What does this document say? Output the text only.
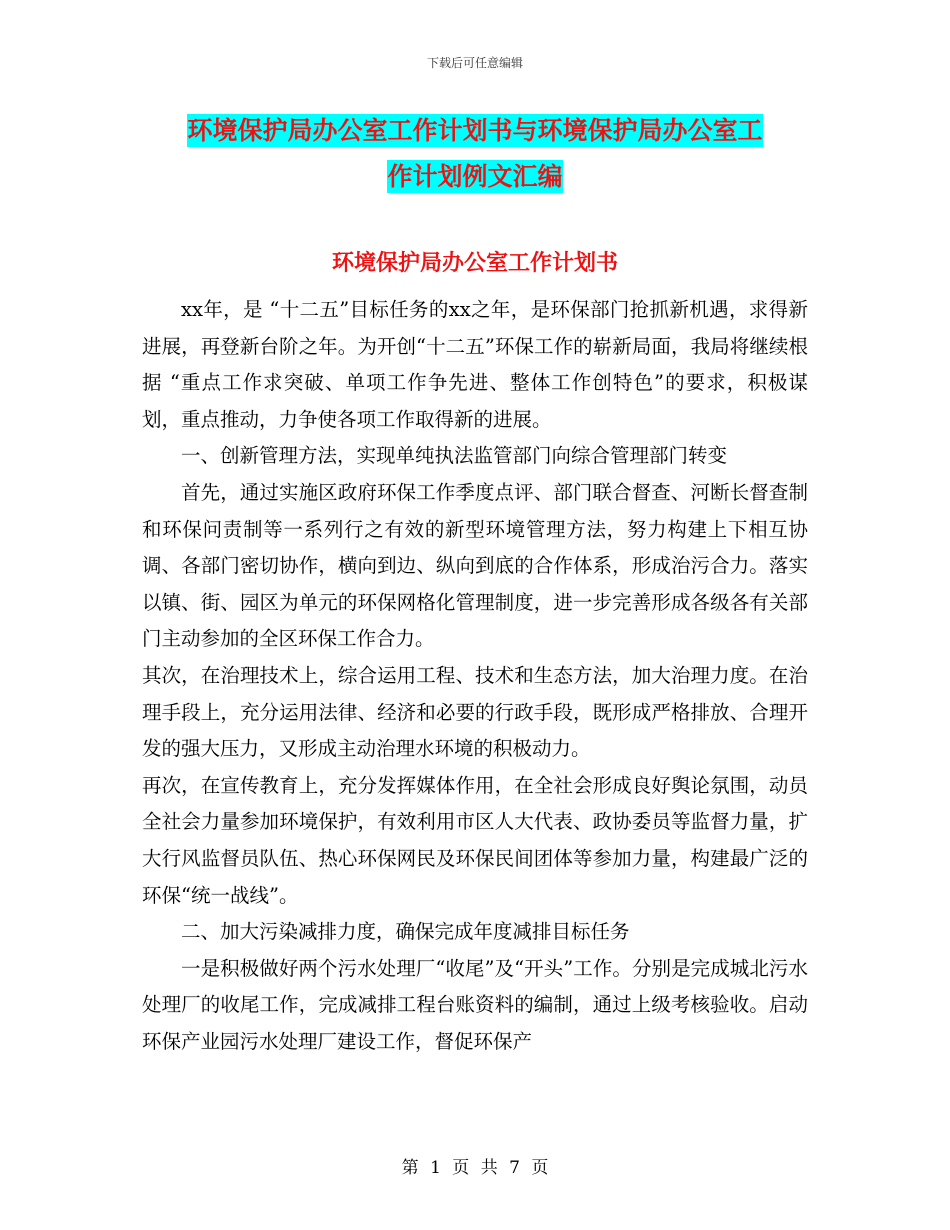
下载后可任意编辑
环境保护局办公室工作计划书与环境保护局办公室工
作计划例文汇编
环境保护局办公室工作计划书

xx年，是 “十二五”目标任务的xx之年，是环保部门抢抓新机遇，求得新进展，再登新台阶之年。为开创“十二五”环保工作的崭新局面，我局将继续根据 “重点工作求突破、单项工作争先进、整体工作创特色”的要求，积极谋划，重点推动，力争使各项工作取得新的进展。

一、创新管理方法，实现单纯执法监管部门向综合管理部门转变

首先，通过实施区政府环保工作季度点评、部门联合督查、河断长督查制和环保问责制等一系列行之有效的新型环境管理方法，努力构建上下相互协调、各部门密切协作，横向到边、纵向到底的合作体系，形成治污合力。落实以镇、街、园区为单元的环保网格化管理制度，进一步完善形成各级各有关部门主动参加的全区环保工作合力。

其次，在治理技术上，综合运用工程、技术和生态方法，加大治理力度。在治理手段上，充分运用法律、经济和必要的行政手段，既形成严格排放、合理开发的强大压力，又形成主动治理水环境的积极动力。

再次，在宣传教育上，充分发挥媒体作用，在全社会形成良好舆论氛围，动员全社会力量参加环境保护，有效利用市区人大代表、政协委员等监督力量，扩大行风监督员队伍、热心环保网民及环保民间团体等参加力量，构建最广泛的环保“统一战线”。

二、加大污染减排力度，确保完成年度减排目标任务

一是积极做好两个污水处理厂“收尾”及“开头”工作。分别是完成城北污水处理厂的收尾工作，完成减排工程台账资料的编制，通过上级考核验收。启动环保产业园污水处理厂建设工作，督促环保产

第 1 页 共 7 页
